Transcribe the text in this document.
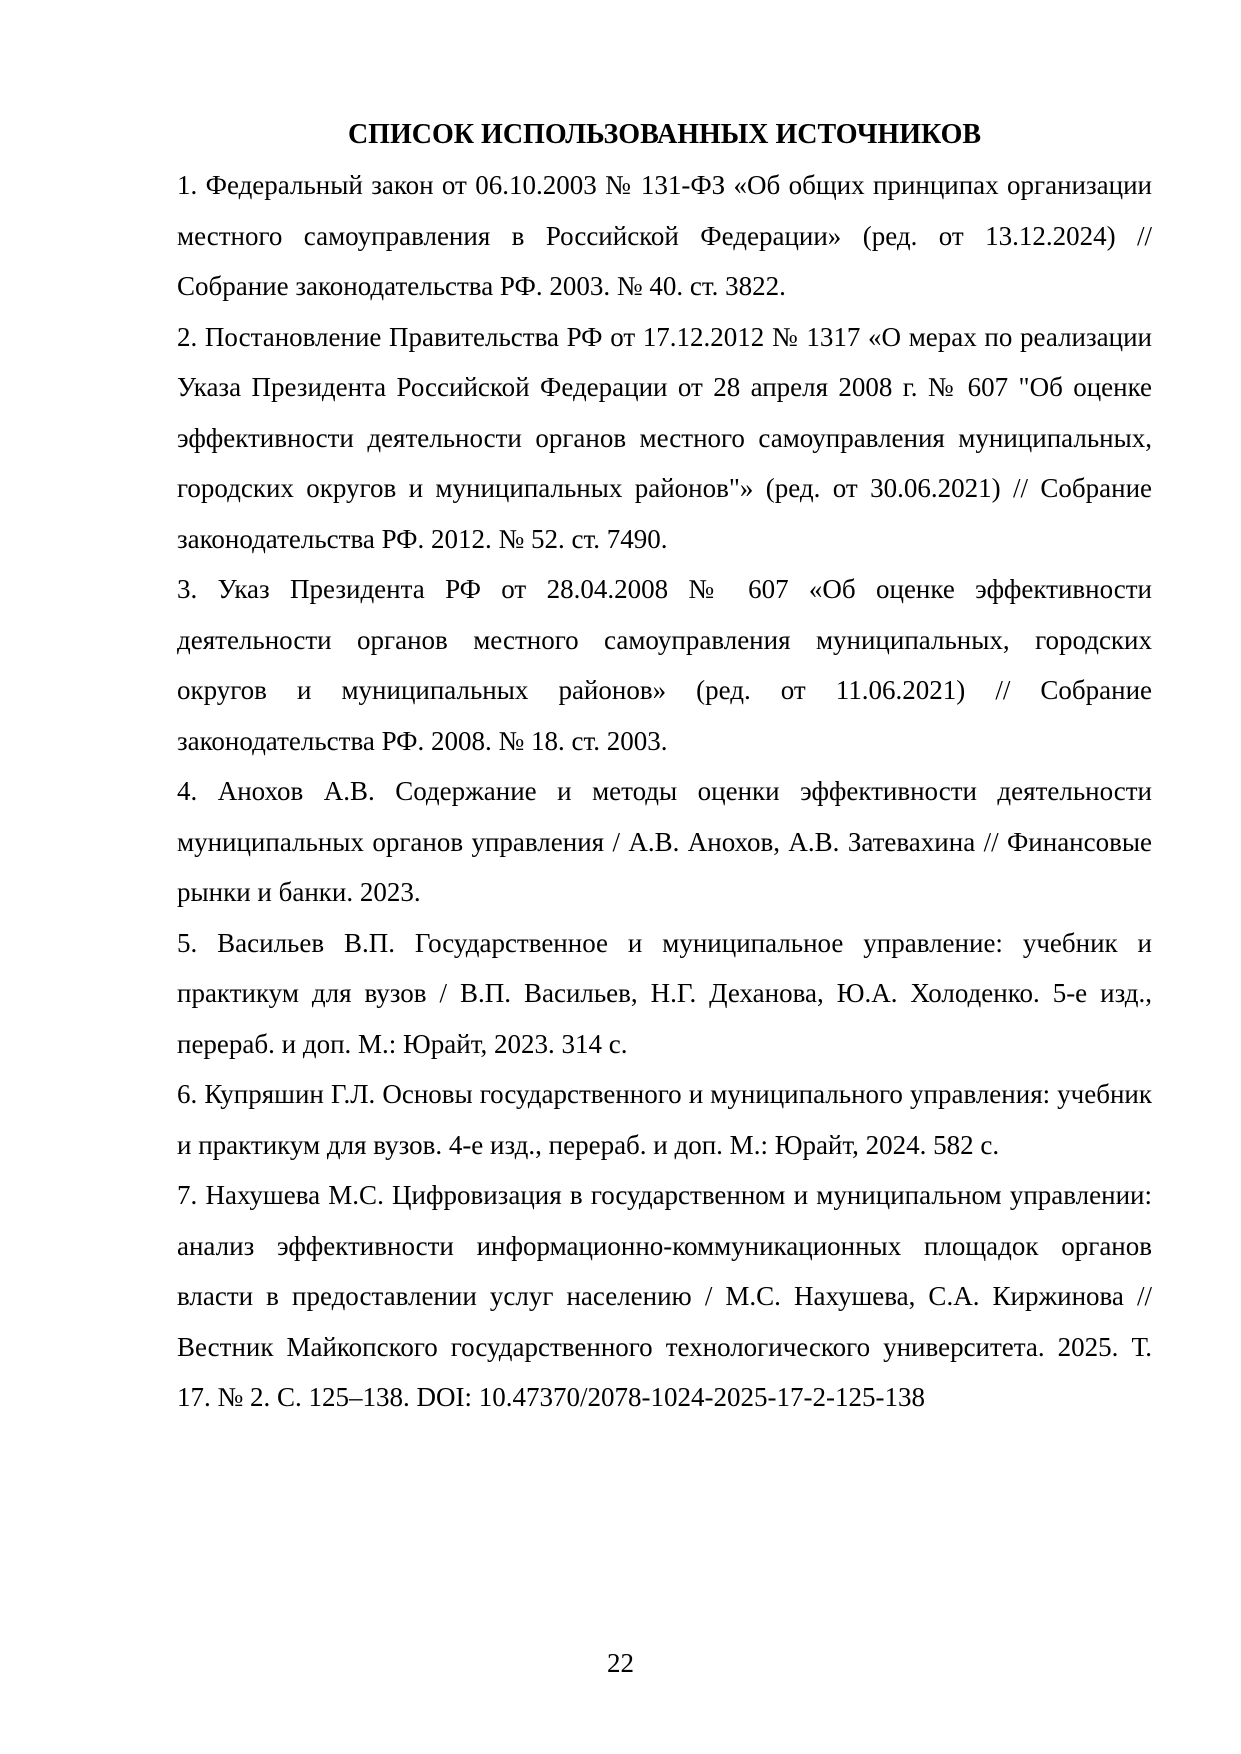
СПИСОК ИСПОЛЬЗОВАННЫХ ИСТОЧНИКОВ
1. Федеральный закон от 06.10.2003 № 131-ФЗ «Об общих принципах организации местного самоуправления в Российской Федерации» (ред. от 13.12.2024) // Собрание законодательства РФ. 2003. № 40. ст. 3822.
2. Постановление Правительства РФ от 17.12.2012 № 1317 «О мерах по реализации Указа Президента Российской Федерации от 28 апреля 2008 г. № 607 "Об оценке эффективности деятельности органов местного самоуправления муниципальных, городских округов и муниципальных районов"» (ред. от 30.06.2021) // Собрание законодательства РФ. 2012. № 52. ст. 7490.
3. Указ Президента РФ от 28.04.2008 № 607 «Об оценке эффективности деятельности органов местного самоуправления муниципальных, городских округов и муниципальных районов» (ред. от 11.06.2021) // Собрание законодательства РФ. 2008. № 18. ст. 2003.
4. Анохов А.В. Содержание и методы оценки эффективности деятельности муниципальных органов управления / А.В. Анохов, А.В. Затевахина // Финансовые рынки и банки. 2023.
5. Васильев В.П. Государственное и муниципальное управление: учебник и практикум для вузов / В.П. Васильев, Н.Г. Деханова, Ю.А. Холоденко. 5-е изд., перераб. и доп. М.: Юрайт, 2023. 314 с.
6. Купряшин Г.Л. Основы государственного и муниципального управления: учебник и практикум для вузов. 4-е изд., перераб. и доп. М.: Юрайт, 2024. 582 с.
7. Нахушева М.С. Цифровизация в государственном и муниципальном управлении: анализ эффективности информационно-коммуникационных площадок органов власти в предоставлении услуг населению / М.С. Нахушева, С.А. Киржинова // Вестник Майкопского государственного технологического университета. 2025. Т. 17. № 2. С. 125–138. DOI: 10.47370/2078-1024-2025-17-2-125-138
22
